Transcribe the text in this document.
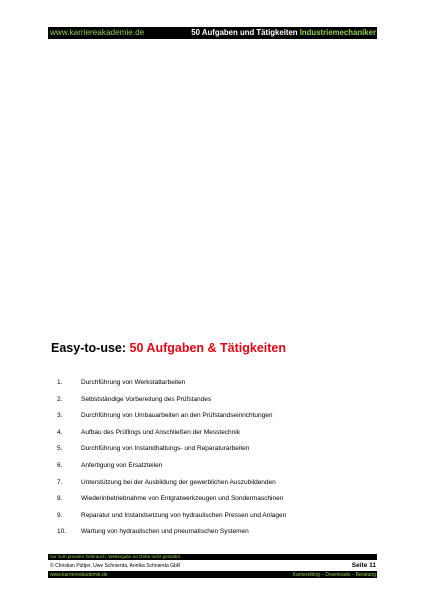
www.karriereakademie.de	50 Aufgaben und Tätigkeiten Industriemechaniker
Easy-to-use: 50 Aufgaben & Tätigkeiten
1.	Durchführung von Werkstattarbeiten
2.	Selbstständige Vorbereitung des Prüfstandes
3.	Durchführung von Umbauarbeiten an den Prüfstandseinrichtungen
4.	Aufbau des Prüflings und Anschließen der Messtechnik
5.	Durchführung von Instandhaltungs- und Reparaturarbeiten
6.	Anfertigung von Ersatzteilen
7.	Unterstützung bei der Ausbildung der gewerblichen Auszubildenden
8.	Wiederinbetriebnahme von Entgratwerkzeugen und Sondermaschinen
9.	Reparatur und Instandsetzung von hydraulischen Pressen und Anlagen
10.	Wartung von hydraulischen und pneumatischen Systemen
nur zum privaten Gebrauch, Weitergabe an Dritte nicht gestattet
© Christian Püttjer, Uwe Schnierda, Annika Schnierda GbR	Seite 11
www.karriereakademie.de	Karriereblog – Downloads – Beratung
